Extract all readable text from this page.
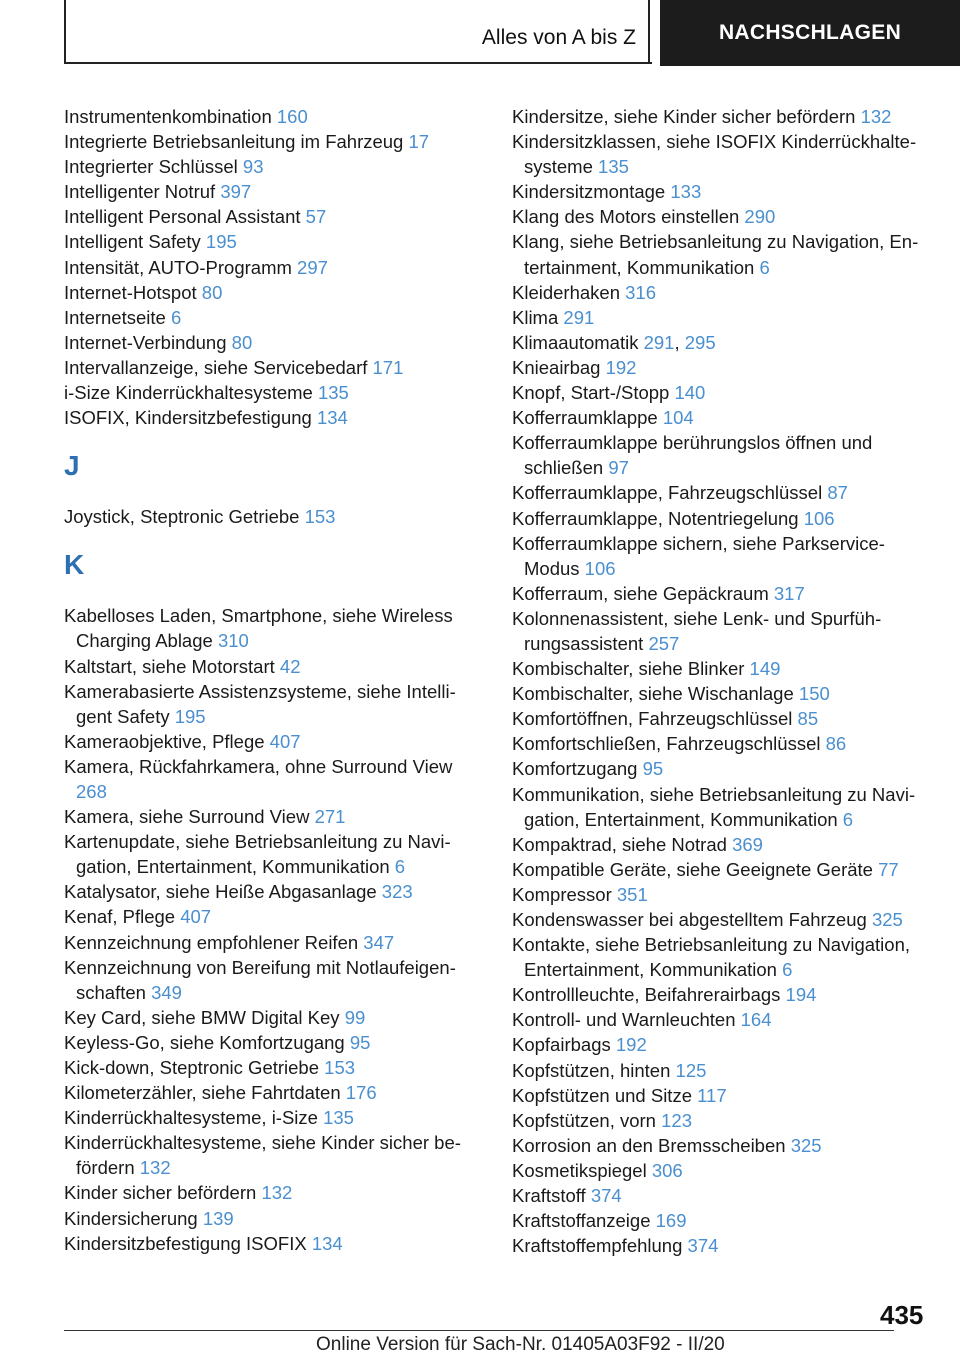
Alles von A bis Z	NACHSCHLAGEN
Instrumentenkombination 160
Integrierte Betriebsanleitung im Fahrzeug 17
Integrierter Schlüssel 93
Intelligenter Notruf 397
Intelligent Personal Assistant 57
Intelligent Safety 195
Intensität, AUTO-Programm 297
Internet-Hotspot 80
Internetseite 6
Internet-Verbindung 80
Intervallanzeige, siehe Servicebedarf 171
i-Size Kinderrückhaltesysteme 135
ISOFIX, Kindersitzbefestigung 134
J
Joystick, Steptronic Getriebe 153
K
Kabelloses Laden, Smartphone, siehe Wireless Charging Ablage 310
Kaltstart, siehe Motorstart 42
Kamerabasierte Assistenzsysteme, siehe Intelligent Safety 195
Kameraobjektive, Pflege 407
Kamera, Rückfahrkamera, ohne Surround View 268
Kamera, siehe Surround View 271
Kartenupdate, siehe Betriebsanleitung zu Navigation, Entertainment, Kommunikation 6
Katalysator, siehe Heiße Abgasanlage 323
Kenaf, Pflege 407
Kennzeichnung empfohlener Reifen 347
Kennzeichnung von Bereifung mit Notlaufeigenschaften 349
Key Card, siehe BMW Digital Key 99
Keyless-Go, siehe Komfortzugang 95
Kick-down, Steptronic Getriebe 153
Kilometerzähler, siehe Fahrtdaten 176
Kinderrückhaltesysteme, i-Size 135
Kinderrückhaltesysteme, siehe Kinder sicher befördern 132
Kinder sicher befördern 132
Kindersicherung 139
Kindersitzbefestigung ISOFIX 134
Kindersitze, siehe Kinder sicher befördern 132
Kindersitzklassen, siehe ISOFIX Kinderrückhaltesysteme 135
Kindersitzmontage 133
Klang des Motors einstellen 290
Klang, siehe Betriebsanleitung zu Navigation, Entertainment, Kommunikation 6
Kleiderhaken 316
Klima 291
Klimaautomatik 291, 295
Knieairbag 192
Knopf, Start-/Stopp 140
Kofferraumklappe 104
Kofferraumklappe berührungslos öffnen und schließen 97
Kofferraumklappe, Fahrzeugschlüssel 87
Kofferraumklappe, Notentriegelung 106
Kofferraumklappe sichern, siehe Parkservice-Modus 106
Kofferraum, siehe Gepäckraum 317
Kolonnenassistent, siehe Lenk- und Spurführungsassistent 257
Kombischalter, siehe Blinker 149
Kombischalter, siehe Wischanlage 150
Komfortöffnen, Fahrzeugschlüssel 85
Komfortschließen, Fahrzeugschlüssel 86
Komfortzugang 95
Kommunikation, siehe Betriebsanleitung zu Navigation, Entertainment, Kommunikation 6
Kompaktrad, siehe Notrad 369
Kompatible Geräte, siehe Geeignete Geräte 77
Kompressor 351
Kondenswasser bei abgestelltem Fahrzeug 325
Kontakte, siehe Betriebsanleitung zu Navigation, Entertainment, Kommunikation 6
Kontrollleuchte, Beifahrerairbags 194
Kontroll- und Warnleuchten 164
Kopfairbags 192
Kopfstützen, hinten 125
Kopfstützen und Sitze 117
Kopfstützen, vorn 123
Korrosion an den Bremsscheiben 325
Kosmetikspiegel 306
Kraftstoff 374
Kraftstoffanzeige 169
Kraftstoffempfehlung 374
435
Online Version für Sach-Nr. 01405A03F92 - II/20
